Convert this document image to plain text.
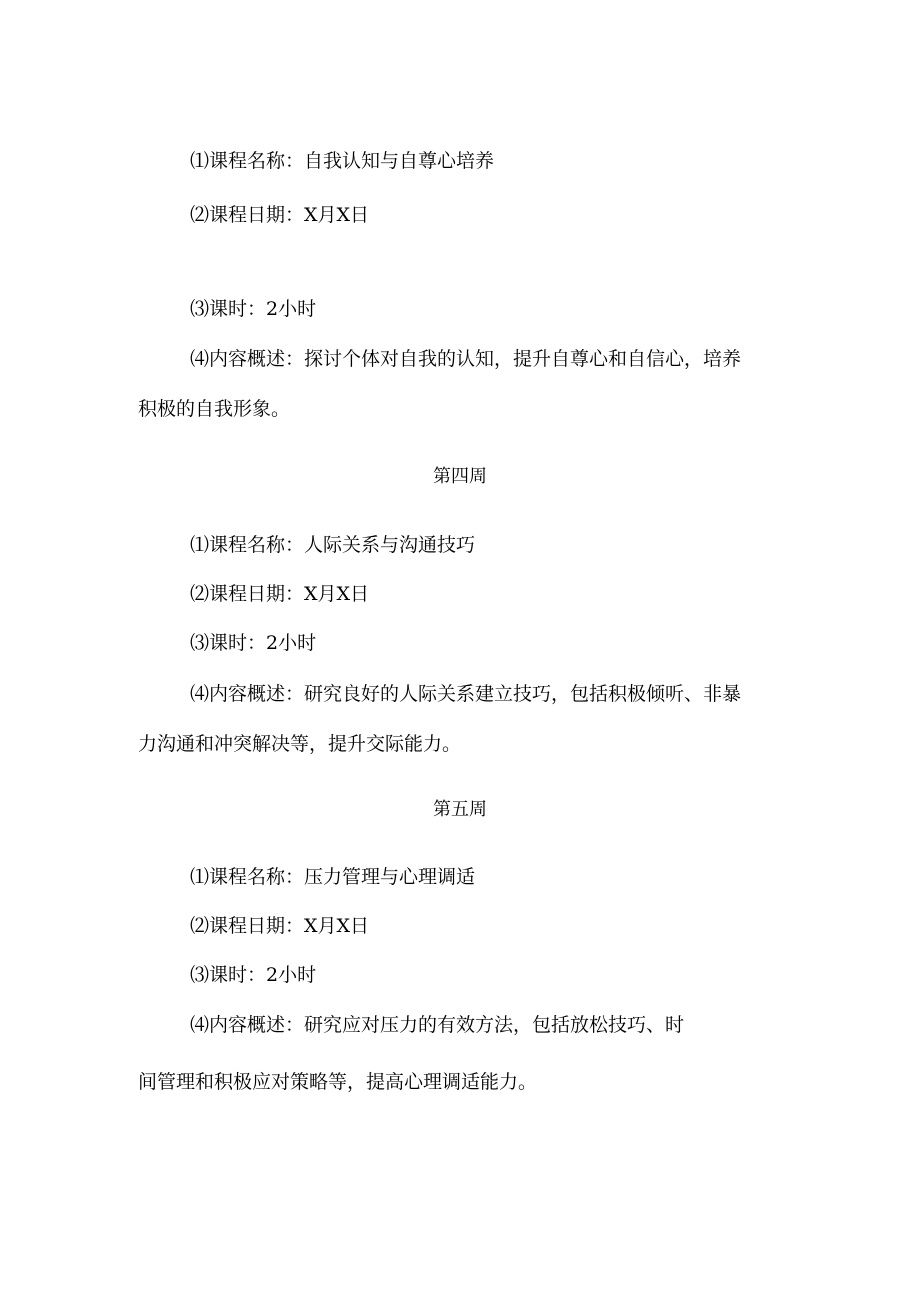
⑴课程名称：自我认知与自尊心培养
⑵课程日期：X月X日
⑶课时：2小时
⑷内容概述：探讨个体对自我的认知，提升自尊心和自信心，培养
积极的自我形象。
第四周
⑴课程名称：人际关系与沟通技巧
⑵课程日期：X月X日
⑶课时：2小时
⑷内容概述：研究良好的人际关系建立技巧，包括积极倾听、非暴
力沟通和冲突解决等，提升交际能力。
第五周
⑴课程名称：压力管理与心理调适
⑵课程日期：X月X日
⑶课时：2小时
⑷内容概述：研究应对压力的有效方法，包括放松技巧、时
间管理和积极应对策略等，提高心理调适能力。
